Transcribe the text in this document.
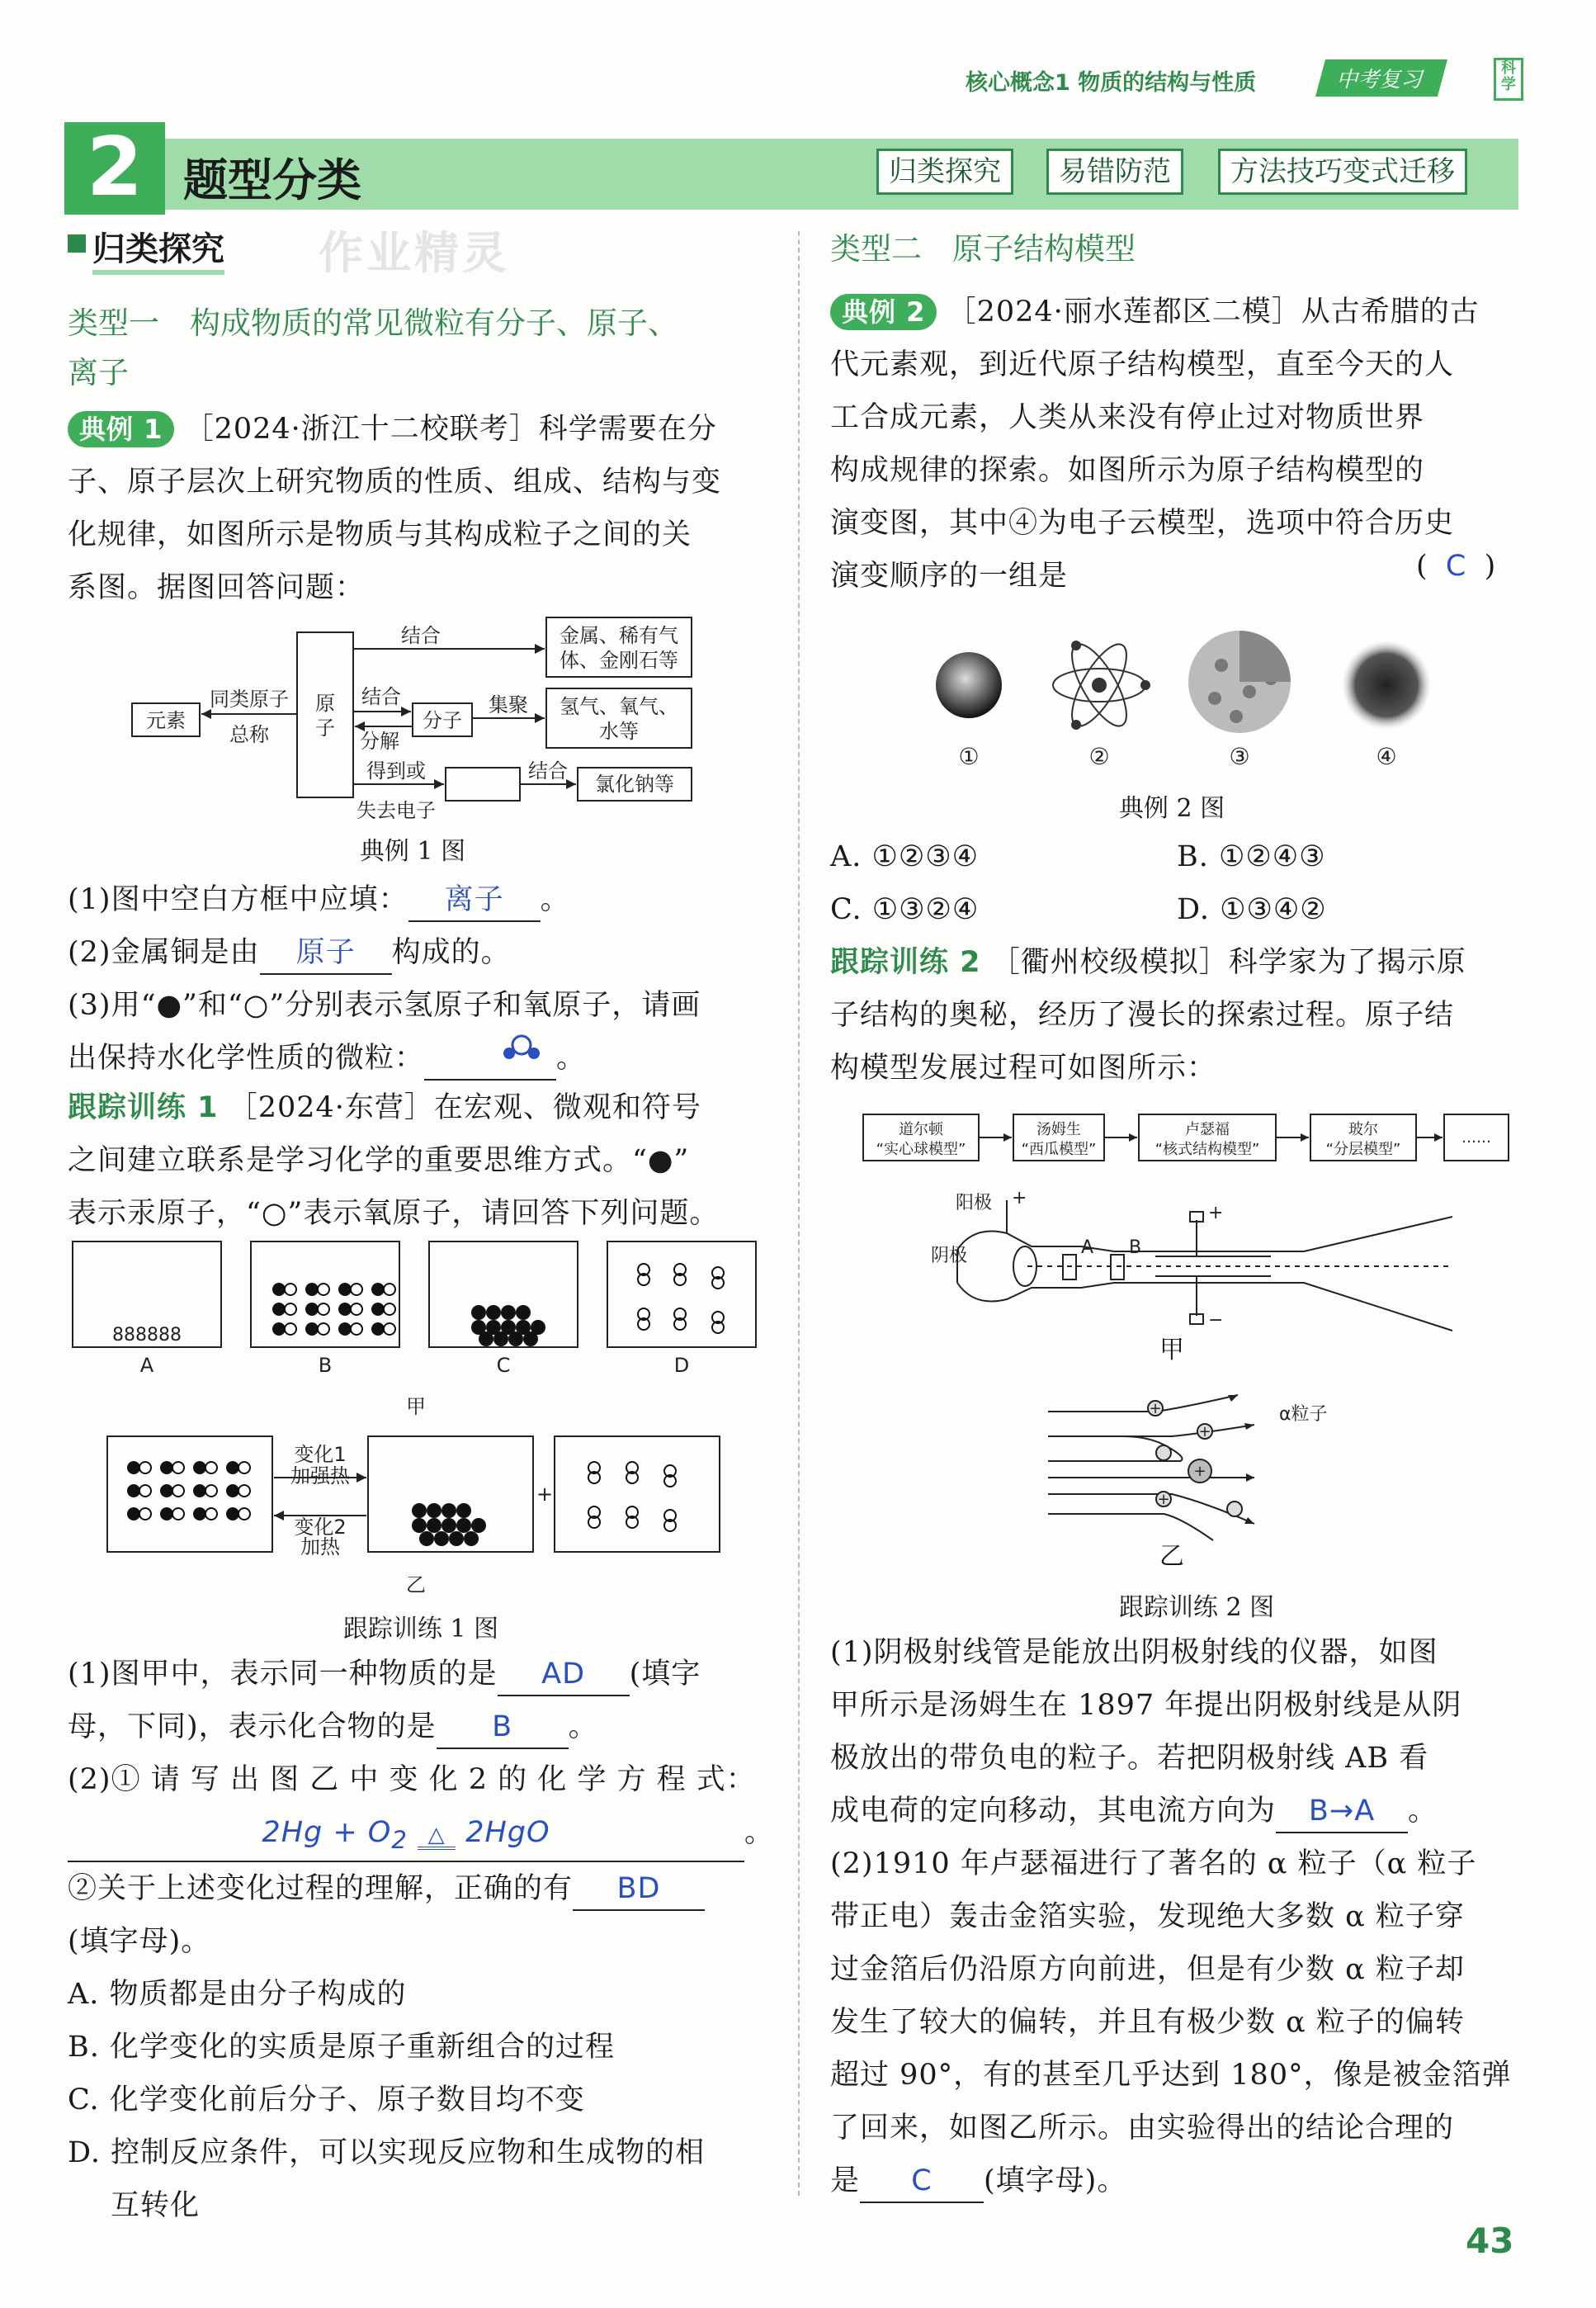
核心概念1 物质的结构与性质	中考复习	科学
2 题型分类	归类探究	易错防范	方法技巧变式迁移
归类探究 作业精灵
类型一　构成物质的常见微粒有分子、原子、
离子
典例 1 ［2024·浙江十二校联考］科学需要在分
子、原子层次上研究物质的性质、组成、结构与变
化规律，如图所示是物质与其构成粒子之间的关
系图。据图回答问题：
结合	金属、稀有气
体、金刚石等
元素
同类原子
总称
原
子
结合
分解
分子
集聚 氢气、氧气、
水等
得到或
失去电子
结合
氯化钠等
典例 1 图
(1)图中空白方框中应填： 离子 。
(2)金属铜是由 原子 构成的。
(3)用“●”和“○”分别表示氢原子和氧原子，请画
出保持水化学性质的微粒：	。
跟踪训练 1 ［2024·东营］在宏观、微观和符号
之间建立联系是学习化学的重要思维方式。“●”
表示汞原子，“○”表示氧原子，请回答下列问题。
888888
A	B	C	D
甲
变化1
加强热
变化2
加热
+
乙
跟踪训练 1 图
(1)图甲中，表示同一种物质的是 AD (填字
母，下同)，表示化合物的是 B 。
(2)① 请 写 出 图 乙 中 变 化 2 的 化 学 方 程 式：
$2Hg + O_2$ △ 2HgO	。
②关于上述变化过程的理解，正确的有 BD
(填字母)。
A. 物质都是由分子构成的
B. 化学变化的实质是原子重新组合的过程
C. 化学变化前后分子、原子数目均不变
D. 控制反应条件，可以实现反应物和生成物的相
互转化
类型二　原子结构模型
典例 2 ［2024·丽水莲都区二模］从古希腊的古
代元素观，到近代原子结构模型，直至今天的人
工合成元素，人类从来没有停止过对物质世界
构成规律的探索。如图所示为原子结构模型的
演变图，其中④为电子云模型，选项中符合历史
演变顺序的一组是	( C )
①	②	③	④
典例 2 图
A. ①②③④	B. ①②④③
C. ①③②④	D. ①③④②
跟踪训练 2 ［衢州校级模拟］科学家为了揭示原
子结构的奥秘，经历了漫长的探索过程。原子结
构模型发展过程可如图所示：
道尔顿
“实心球模型”
汤姆生
“西瓜模型”
卢瑟福
“核式结构模型”
玻尔
“分层模型”
……
阳极 +
阴极	A B
+
−
甲
+
+
+
+
α粒子
乙
跟踪训练 2 图
(1)阴极射线管是能放出阴极射线的仪器，如图
甲所示是汤姆生在 1897 年提出阴极射线是从阴
极放出的带负电的粒子。若把阴极射线 AB 看
成电荷的定向移动，其电流方向为 B→A 。
(2)1910 年卢瑟福进行了著名的 α 粒子（α 粒子
带正电）轰击金箔实验，发现绝大多数 α 粒子穿
过金箔后仍沿原方向前进，但是有少数 α 粒子却
发生了较大的偏转，并且有极少数 α 粒子的偏转
超过 90°，有的甚至几乎达到 180°，像是被金箔弹
了回来，如图乙所示。由实验得出的结论合理的
是 C (填字母)。
43
